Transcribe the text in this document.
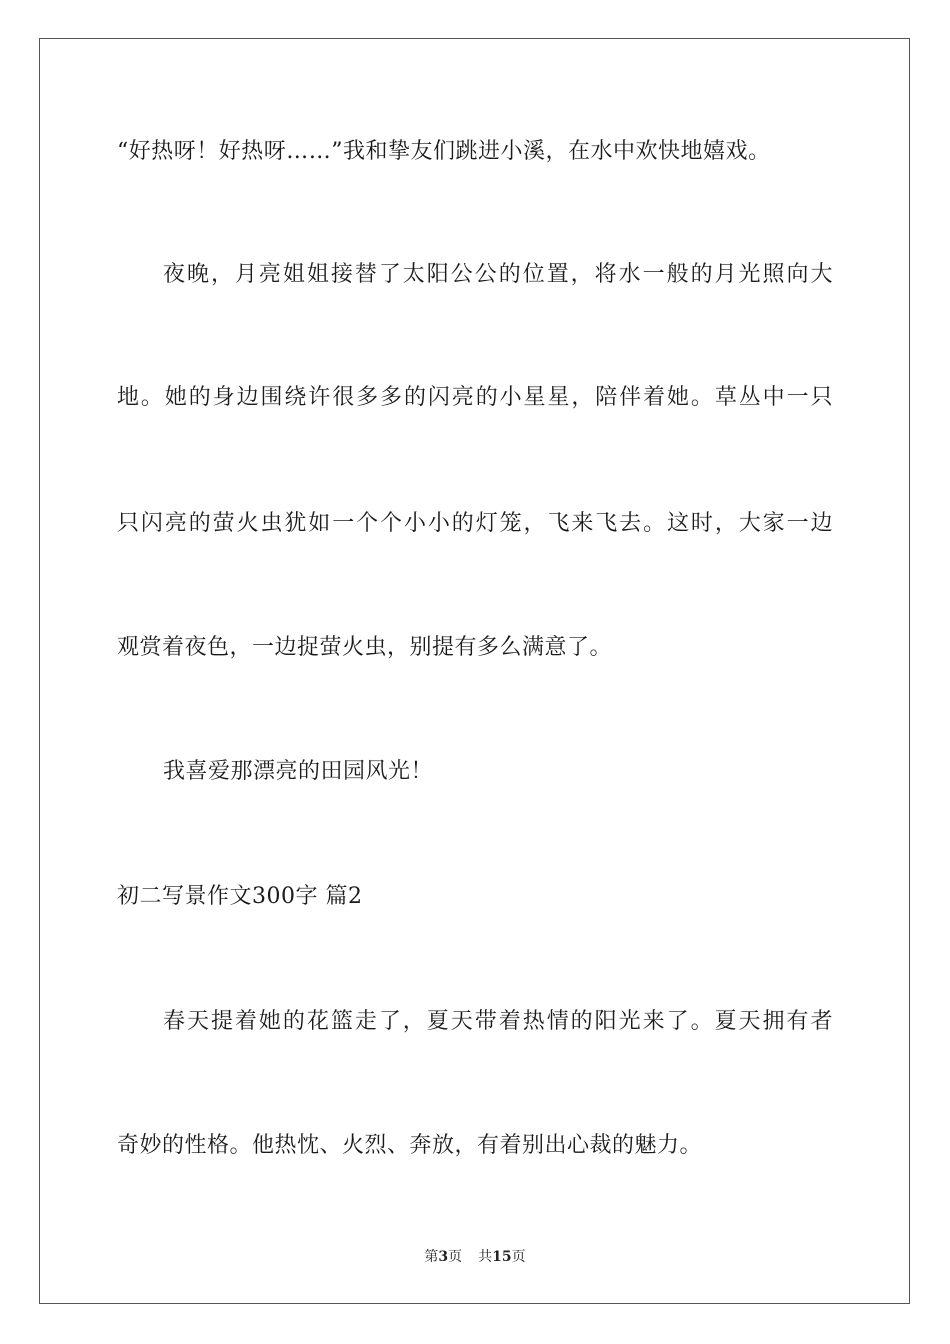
“好热呀！好热呀……”我和挚友们跳进小溪，在水中欢快地嬉戏。
夜晚，月亮姐姐接替了太阳公公的位置，将水一般的月光照向大
地。她的身边围绕许很多多的闪亮的小星星，陪伴着她。草丛中一只
只闪亮的萤火虫犹如一个个小小的灯笼，飞来飞去。这时，大家一边
观赏着夜色，一边捉萤火虫，别提有多么满意了。
我喜爱那漂亮的田园风光！
初二写景作文300字 篇2
春天提着她的花篮走了，夏天带着热情的阳光来了。夏天拥有者
奇妙的性格。他热忱、火烈、奔放，有着别出心裁的魅力。
第3页 共15页
